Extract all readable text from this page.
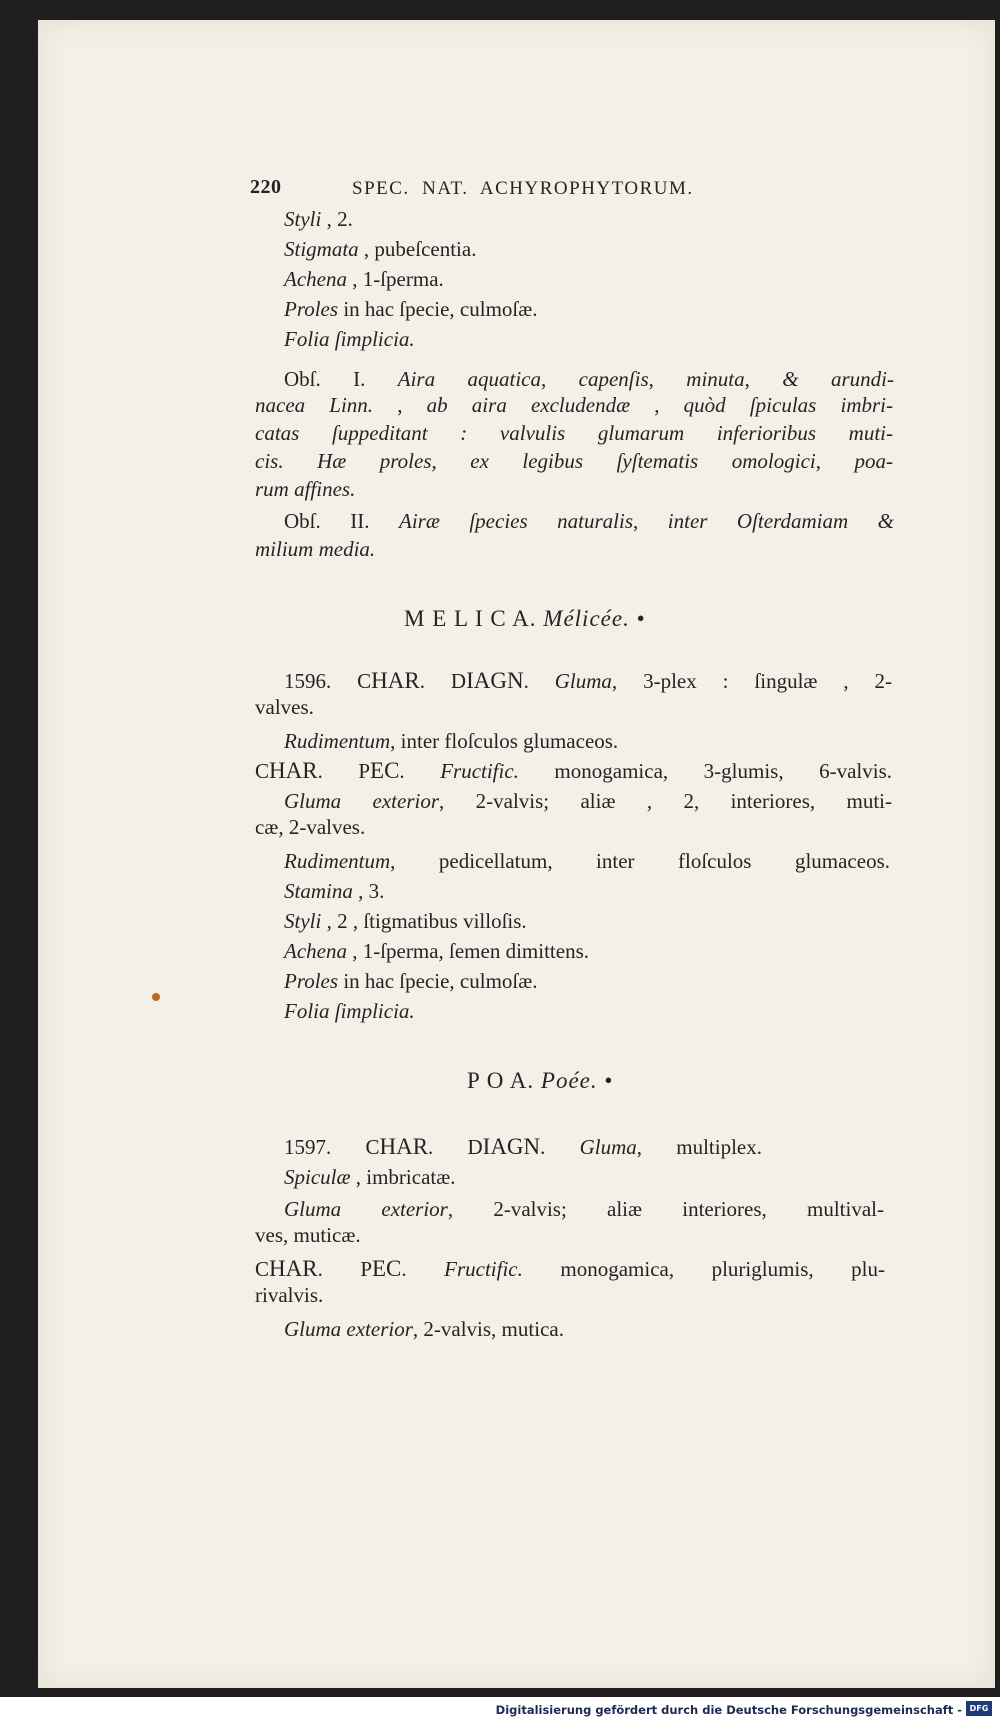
220	SPEC.  NAT.  ACHYROPHYTORUM.
Styli , 2.
Stigmata , pubeſcentia.
Achena , 1-ſperma.
Proles in hac ſpecie, culmoſæ.
Folia ſimplicia.
Obſ. I. Aira aquatica, capenſis, minuta, & arundi-
nacea Linn. , ab aira excludendæ , quòd ſpiculas imbri-
catas ſuppeditant : valvulis glumarum inferioribus muti-
cis. Hæ proles, ex legibus ſyſtematis omologici, poa-
rum affines.
Obſ. II. Airæ ſpecies naturalis, inter Oſterdamiam &
milium media.
M E L I C A. Mélicée. •
1596. CHAR. DIAGN. Gluma, 3-plex : ſingulæ , 2-
valves.
Rudimentum, inter floſculos glumaceos.
CHAR. PEC. Fructific. monogamica, 3-glumis, 6-valvis.
Gluma exterior, 2-valvis; aliæ , 2, interiores, muti-
cæ, 2-valves.
Rudimentum, pedicellatum, inter floſculos glumaceos.
Stamina , 3.
Styli , 2 , ſtigmatibus villoſis.
Achena , 1-ſperma, ſemen dimittens.
Proles in hac ſpecie, culmoſæ.
Folia ſimplicia.
P O A. Poée. •
1597. CHAR. DIAGN. Gluma, multiplex.
Spiculæ , imbricatæ.
Gluma exterior, 2-valvis; aliæ interiores, multival-
ves, muticæ.
CHAR. PEC. Fructific. monogamica, pluriglumis, plu-
rivalvis.
Gluma exterior, 2-valvis, mutica.
Digitalisierung gefördert durch die Deutsche Forschungsgemeinschaft - DFG
